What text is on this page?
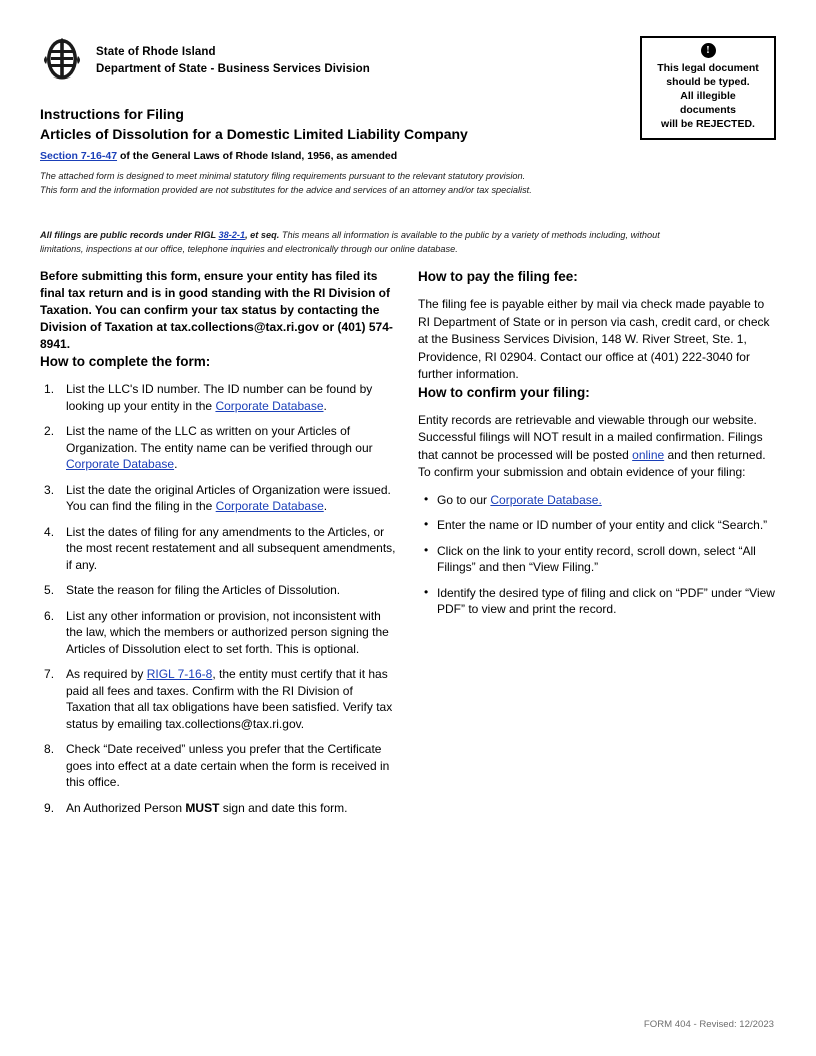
State of Rhode Island
Department of State - Business Services Division
!
This legal document
should be typed.
All illegible
documents
will be REJECTED.
Instructions for Filing
Articles of Dissolution for a Domestic Limited Liability Company
Section 7-16-47 of the General Laws of Rhode Island, 1956, as amended
The attached form is designed to meet minimal statutory filing requirements pursuant to the relevant statutory provision.
This form and the information provided are not substitutes for the advice and services of an attorney and/or tax specialist.
All filings are public records under RIGL 38-2-1, et seq. This means all information is available to the public by a variety of methods including, without limitations, inspections at our office, telephone inquiries and electronically through our online database.

Before submitting this form, ensure your entity has filed its final tax return and is in good standing with the RI Division of Taxation. You can confirm your tax status by contacting the Division of Taxation at tax.collections@tax.ri.gov or (401) 574-8941.

How to complete the form:
List the LLC's ID number. The ID number can be found by looking up your entity in the Corporate Database.
List the name of the LLC as written on your Articles of Organization. The entity name can be verified through our Corporate Database.
List the date the original Articles of Organization were issued. You can find the filing in the Corporate Database.
List the dates of filing for any amendments to the Articles, or the most recent restatement and all subsequent amendments, if any.
State the reason for filing the Articles of Dissolution.
List any other information or provision, not inconsistent with the law, which the members or authorized person signing the Articles of Dissolution elect to set forth. This is optional.
As required by RIGL 7-16-8, the entity must certify that it has paid all fees and taxes. Confirm with the RI Division of Taxation that all tax obligations have been satisfied. Verify tax status by emailing tax.collections@tax.ri.gov.
Check “Date received” unless you prefer that the Certificate goes into effect at a date certain when the form is received in this office.
An Authorized Person MUST sign and date this form.
How to pay the filing fee:

The filing fee is payable either by mail via check made payable to RI Department of State or in person via cash, credit card, or check at the Business Services Division, 148 W. River Street, Ste. 1, Providence, RI 02904. Contact our office at (401) 222-3040 for further information.

How to confirm your filing:

Entity records are retrievable and viewable through our website. Successful filings will NOT result in a mailed confirmation. Filings that cannot be processed will be posted online and then returned. To confirm your submission and obtain evidence of your filing:

• Go to our Corporate Database.
• Enter the name or ID number of your entity and click “Search.”
• Click on the link to your entity record, scroll down, select “All Filings” and then “View Filing.”
• Identify the desired type of filing and click on “PDF” under “View PDF” to view and print the record.
FORM 404 - Revised: 12/2023
